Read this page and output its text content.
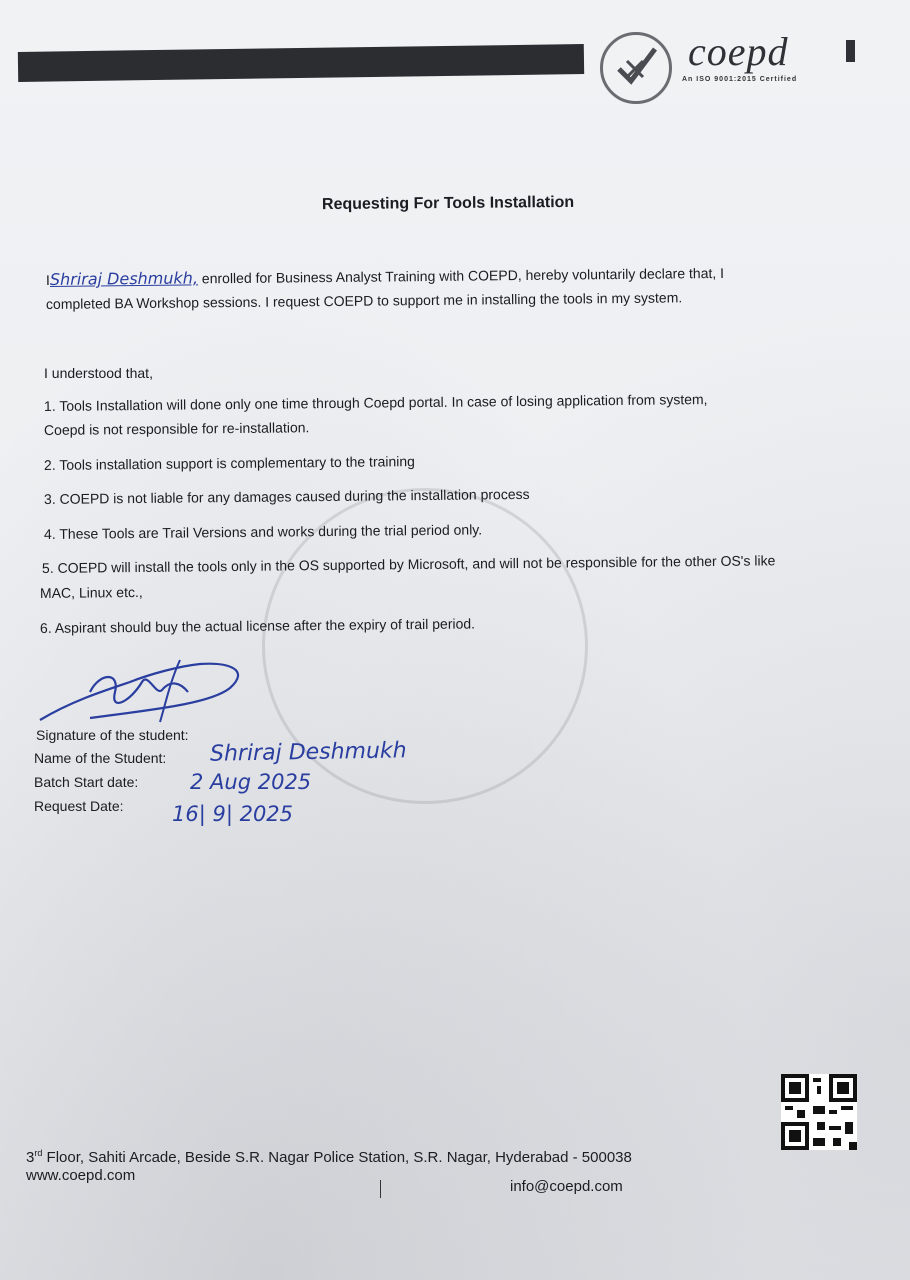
coepd
An ISO 9001:2015 Certified
Requesting For Tools Installation
IShriraj Deshmukh, enrolled for Business Analyst Training with COEPD, hereby voluntarily declare that, I
completed BA Workshop sessions. I request COEPD to support me in installing the tools in my system.
I understood that,
1. Tools Installation will done only one time through Coepd portal. In case of losing application from system,
Coepd is not responsible for re-installation.
2. Tools installation support is complementary to the training
3. COEPD is not liable for any damages caused during the installation process
4. These Tools are Trail Versions and works during the trial period only.
5. COEPD will install the tools only in the OS supported by Microsoft, and will not be responsible for the other OS's like
MAC, Linux etc.,
6. Aspirant should buy the actual license after the expiry of trail period.
Signature of the student:
Name of the Student:
Batch Start date:
Request Date:
Shriraj Deshmukh
2 Aug 2025
16| 9| 2025
3rd Floor, Sahiti Arcade, Beside S.R. Nagar Police Station, S.R. Nagar, Hyderabad - 500038
www.coepd.com
info@coepd.com
